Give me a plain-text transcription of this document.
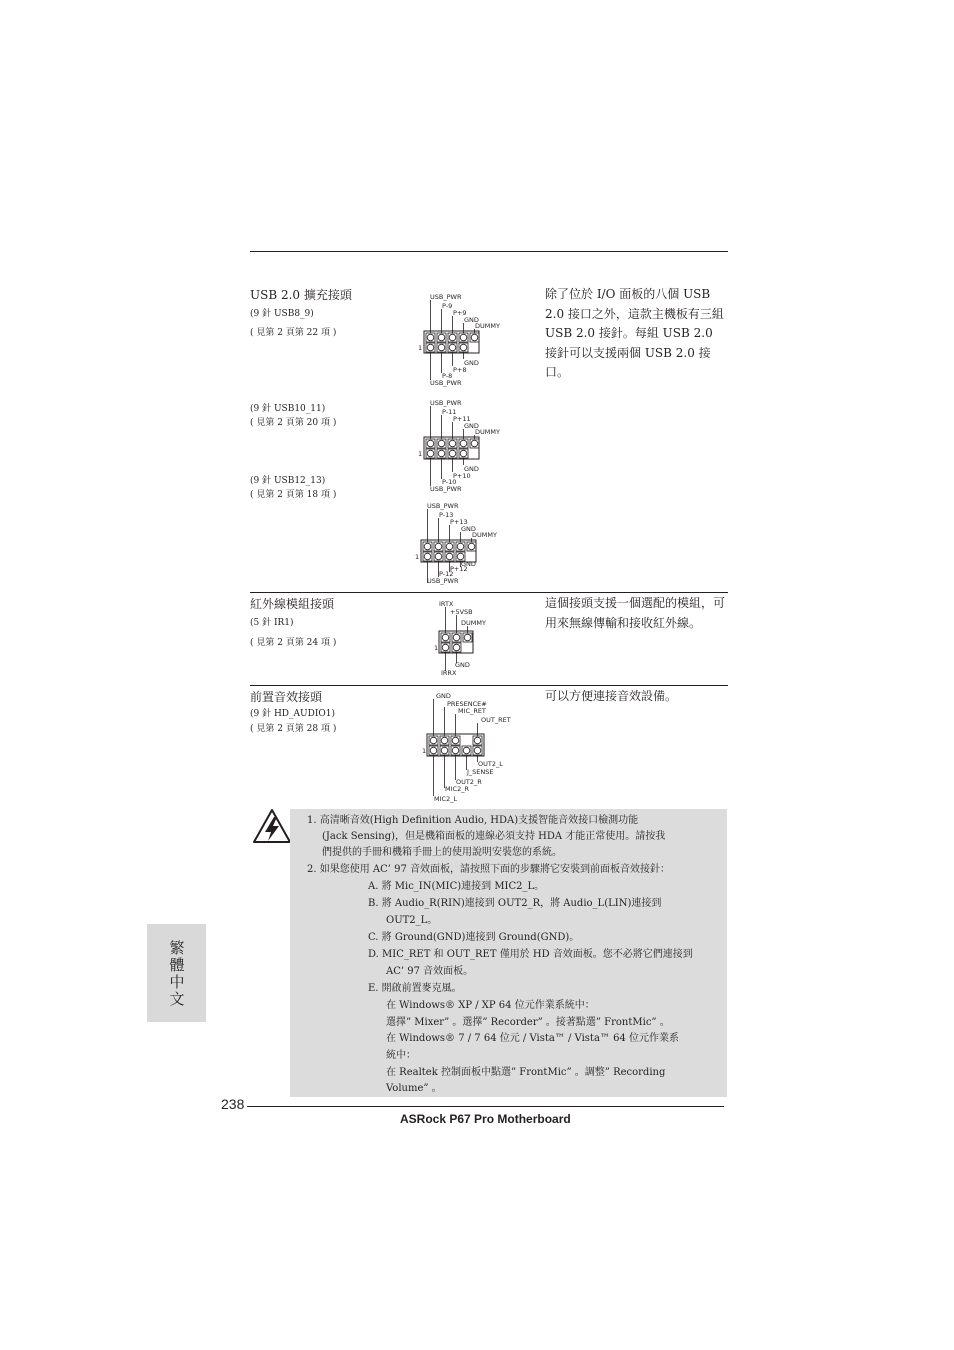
USB 2.0 擴充接頭
(9 針 USB8_9)
( 見第 2 頁第 22 項 )
(9 針 USB10_11)
( 見第 2 頁第 20 項 )
(9 針 USB12_13)
( 見第 2 頁第 18 項 )
除了位於 I/O 面板的八個 USB 2.0 接口之外，這款主機板有三組 USB 2.0 接針。每組 USB 2.0 接針可以支援兩個 USB 2.0 接口。
USB_PWR
P-9
P+9
GND
DUMMY
1
GND
P+8
P-8
USB_PWR
USB_PWR
P-11
P+11
GND
DUMMY
1
GND
P+10
P-10
USB_PWR
USB_PWR
P-13
P+13
GND
DUMMY
1
GND
P+12
P-12
USB_PWR
紅外線模組接頭
(5 針 IR1)
( 見第 2 頁第 24 項 )
這個接頭支援一個選配的模組，可用來無線傳輸和接收紅外線。
IRTX
+5VSB
DUMMY
1
GND
IRRX
前置音效接頭
(9 針 HD_AUDIO1)
( 見第 2 頁第 28 項 )
可以方便連接音效設備。
GND
PRESENCE#
MIC_RET
OUT_RET
1
OUT2_L
J_SENSE
OUT2_R
MIC2_R
MIC2_L
1. 高清晰音效(High Definition Audio, HDA)支援智能音效接口檢測功能
(Jack Sensing)，但是機箱面板的連線必須支持 HDA 才能正常使用。請按我
們提供的手冊和機箱手冊上的使用說明安裝您的系統。
2. 如果您使用 AC’ 97 音效面板，請按照下面的步驟將它安裝到前面板音效接針：
A. 將 Mic_IN(MIC)連接到 MIC2_L。
B. 將 Audio_R(RIN)連接到 OUT2_R，將 Audio_L(LIN)連接到
OUT2_L。
C. 將 Ground(GND)連接到 Ground(GND)。
D. MIC_RET 和 OUT_RET 僅用於 HD 音效面板。您不必將它們連接到
AC’ 97 音效面板。
E. 開啟前置麥克風。
在 Windows® XP / XP 64 位元作業系統中：
選擇” Mixer” 。選擇” Recorder” 。接著點選” FrontMic” 。
在 Windows® 7 / 7 64 位元 / Vista™ / Vista™ 64 位元作業系
統中：
在 Realtek 控制面板中點選” FrontMic” 。調整” Recording
Volume” 。
繁體中文
238
ASRock P67 Pro Motherboard
